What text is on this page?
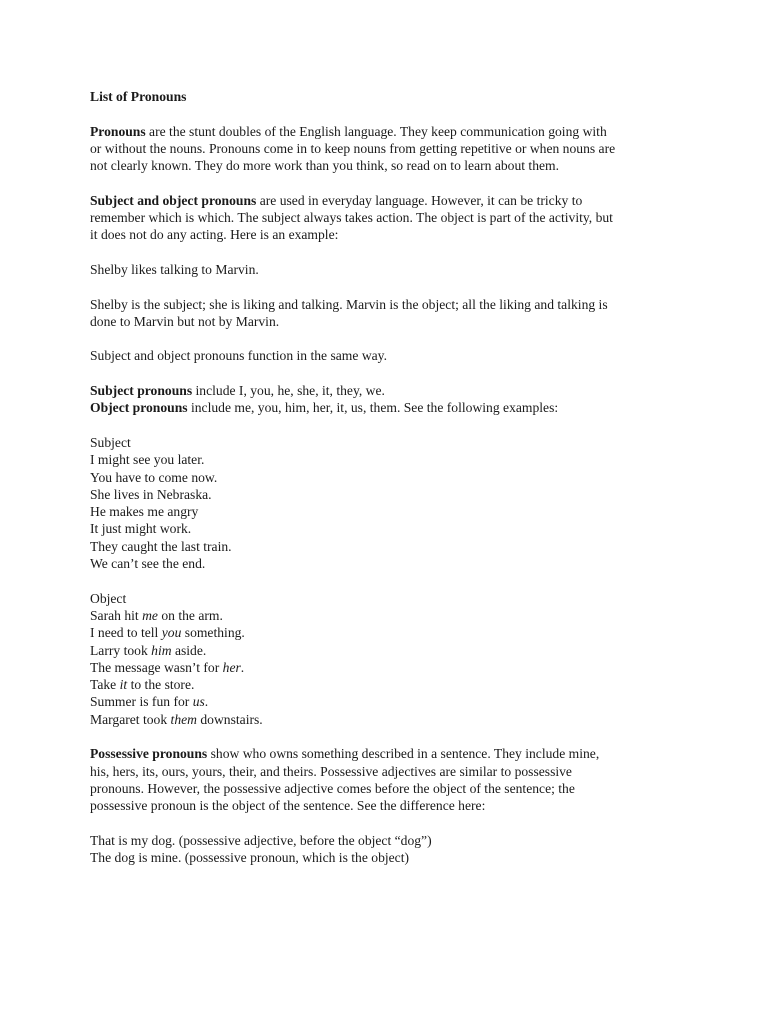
List of Pronouns

Pronouns are the stunt doubles of the English language. They keep communication going with

or without the nouns. Pronouns come in to keep nouns from getting repetitive or when nouns are

not clearly known. They do more work than you think, so read on to learn about them.

Subject and object pronouns are used in everyday language. However, it can be tricky to

remember which is which. The subject always takes action. The object is part of the activity, but

it does not do any acting. Here is an example:

Shelby likes talking to Marvin.

Shelby is the subject; she is liking and talking. Marvin is the object; all the liking and talking is

done to Marvin but not by Marvin.

Subject and object pronouns function in the same way.

Subject pronouns include I, you, he, she, it, they, we.

Object pronouns include me, you, him, her, it, us, them. See the following examples:

Subject

I might see you later.

You have to come now.

She lives in Nebraska.

He makes me angry

It just might work.

They caught the last train.

We can’t see the end.

Object

Sarah hit me on the arm.

I need to tell you something.

Larry took him aside.

The message wasn’t for her.

Take it to the store.

Summer is fun for us.

Margaret took them downstairs.

Possessive pronouns show who owns something described in a sentence. They include mine,

his, hers, its, ours, yours, their, and theirs. Possessive adjectives are similar to possessive

pronouns. However, the possessive adjective comes before the object of the sentence; the

possessive pronoun is the object of the sentence. See the difference here:

That is my dog. (possessive adjective, before the object “dog”)

The dog is mine. (possessive pronoun, which is the object)
